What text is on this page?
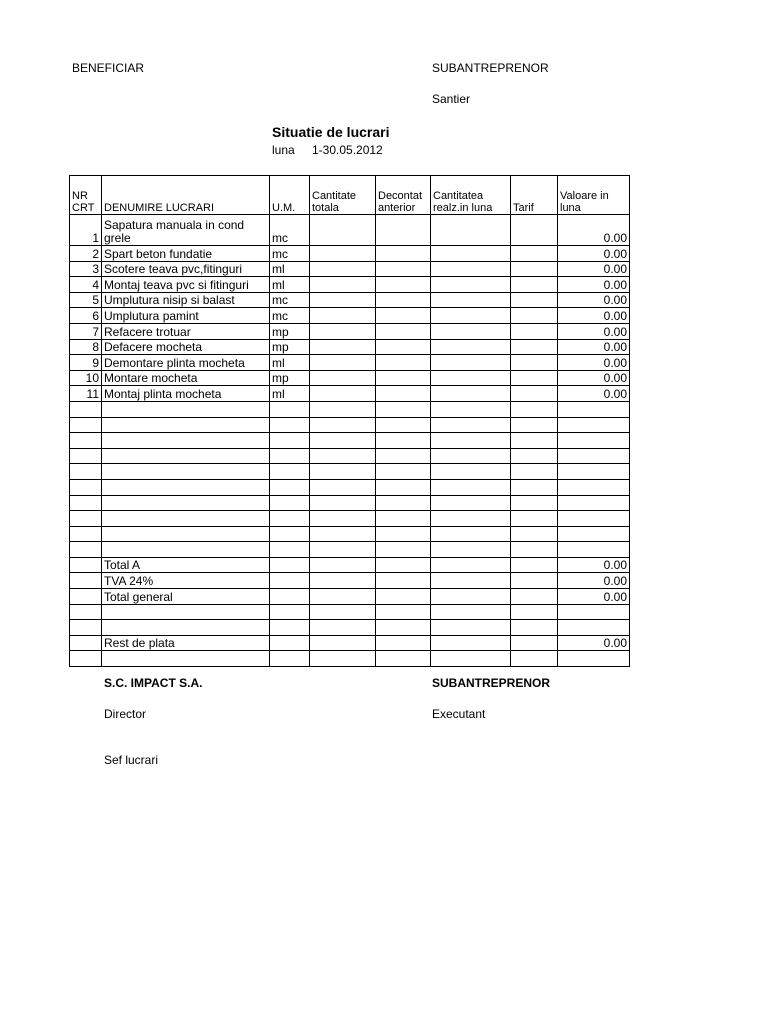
BENEFICIAR	SUBANTREPRENOR
Santier
Situatie de lucrari
luna 1-30.05.2012
NR CRT	DENUMIRE LUCRARI	U.M.	Cantitate totala	Decontat anterior	Cantitatea realz.in luna	Tarif	Valoare in luna
1	Sapatura manuala in cond grele	mc					0.00
2	Spart beton fundatie	mc					0.00
3	Scotere teava pvc,fitinguri	ml					0.00
4	Montaj teava pvc si fitinguri	ml					0.00
5	Umplutura nisip si balast	mc					0.00
6	Umplutura pamint	mc					0.00
7	Refacere trotuar	mp					0.00
8	Defacere mocheta	mp					0.00
9	Demontare plinta mocheta	ml					0.00
10	Montare mocheta	mp					0.00
11	Montaj plinta mocheta	ml					0.00

	Total A						0.00
	TVA 24%						0.00
	Total general						0.00

	Rest de plata						0.00

S.C. IMPACT S.A.	SUBANTREPRENOR
Director	Executant
Sef lucrari
